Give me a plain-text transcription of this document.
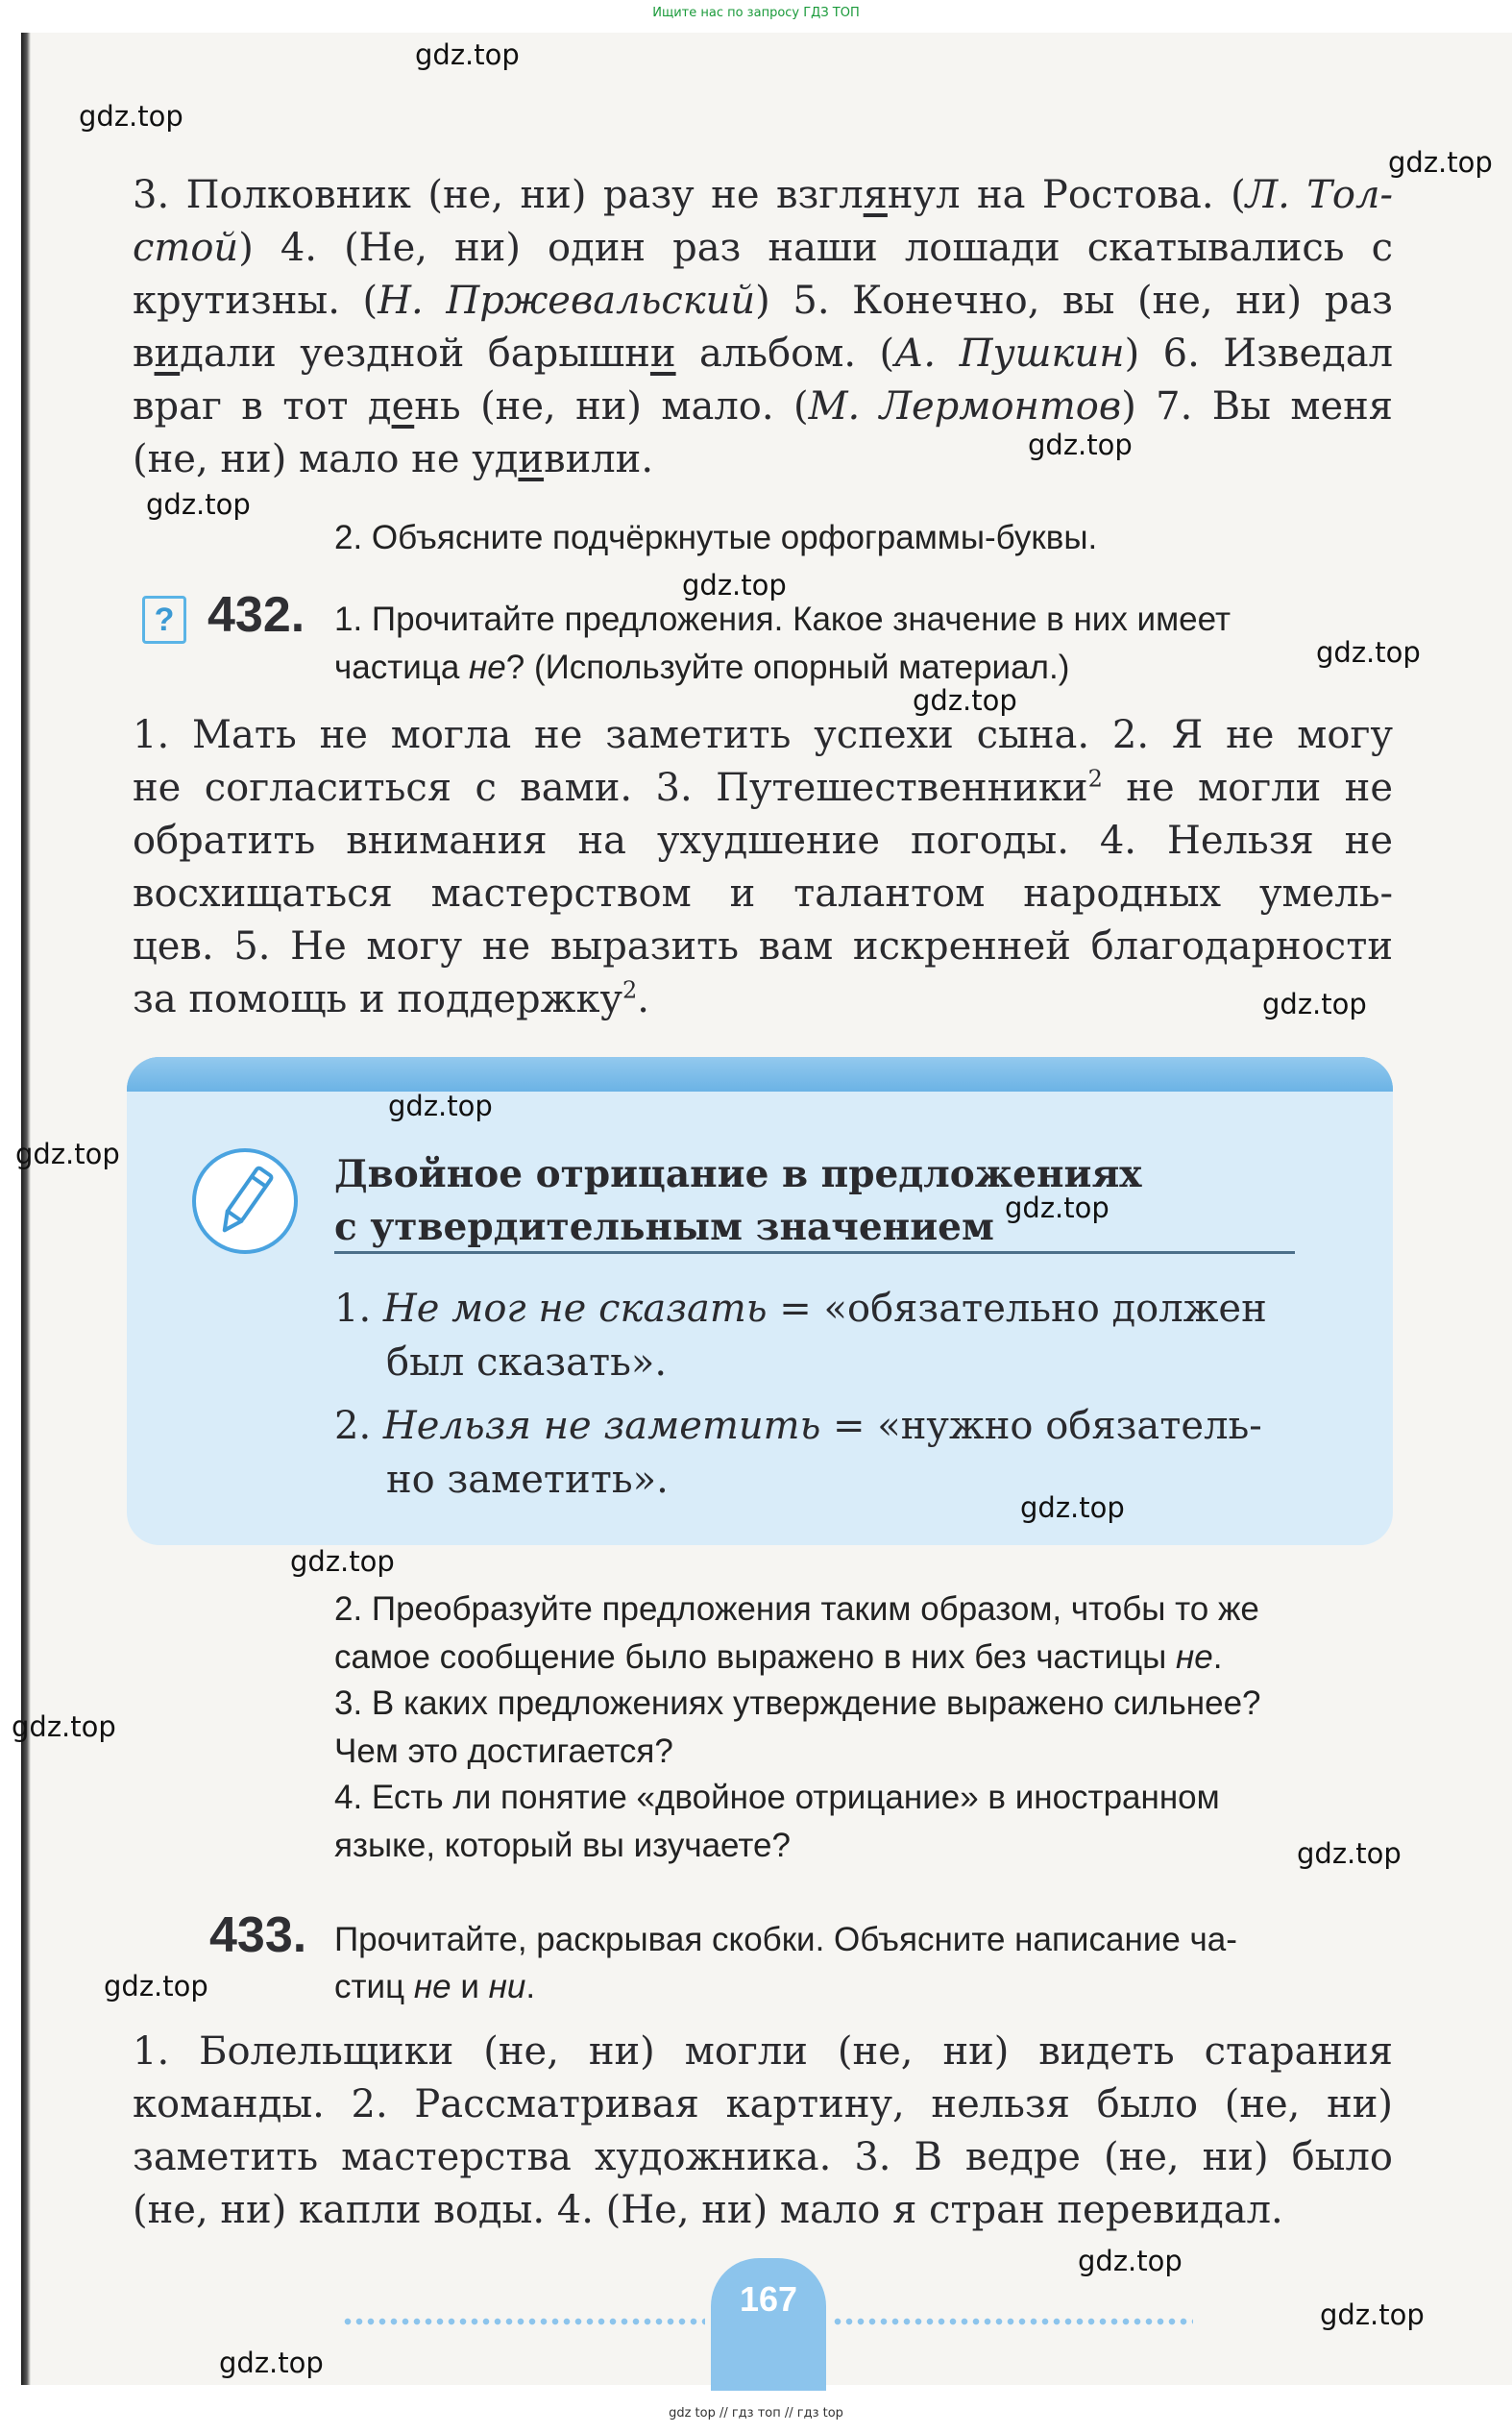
Ищите нас по запросу ГДЗ ТОП
3. Полковник (не, ни) разу не взглянул на Ростова. (Л. Тол-
стой) 4. (Не, ни) один раз наши лошади скатывались с
крутизны. (Н. Пржевальский) 5. Конечно, вы (не, ни) раз
видали уездной барышни альбом. (А. Пушкин) 6. Изведал
враг в тот день (не, ни) мало. (М. Лермонтов) 7. Вы меня
(не, ни) мало не удивили.

2. Объясните подчёркнутые орфограммы-буквы.

? 432. 1. Прочитайте предложения. Какое значение в них имеет

частица не? (Используйте опорный материал.)

1. Мать не могла не заметить успехи сына. 2. Я не могу
не согласиться с вами. 3. Путешественники$^2$ не могли не
обратить внимания на ухудшение погоды. 4. Нельзя не
восхищаться мастерством и талантом народных умель-
цев. 5. Не могу не выразить вам искренней благодарности
за помощь и поддержку$^2$.
Двойное отрицание в предложениях
с утвердительным значением
1. Не мог не сказать = «обязательно должен
был сказать».
2. Нельзя не заметить = «нужно обязатель-
но заметить».

2. Преобразуйте предложения таким образом, чтобы то же

самое сообщение было выражено в них без частицы не.

3. В каких предложениях утверждение выражено сильнее?

Чем это достигается?

4. Есть ли понятие «двойное отрицание» в иностранном

языке, который вы изучаете?

433. Прочитайте, раскрывая скобки. Объясните написание ча-

стиц не и ни.

1. Болельщики (не, ни) могли (не, ни) видеть старания
команды. 2. Рассматривая картину, нельзя было (не, ни)
заметить мастерства художника. 3. В ведре (не, ни) было
(не, ни) капли воды. 4. (Не, ни) мало я стран перевидал.
167
gdz.top
gdz.top
gdz.top
gdz.top
gdz.top
gdz.top
gdz.top
gdz.top
gdz.top
gdz.top
gdz.top
gdz.top
gdz.top
gdz.top
gdz.top
gdz.top
gdz.top
gdz.top
gdz.top
gdz.top
gdz top // гдз топ // гдз top
